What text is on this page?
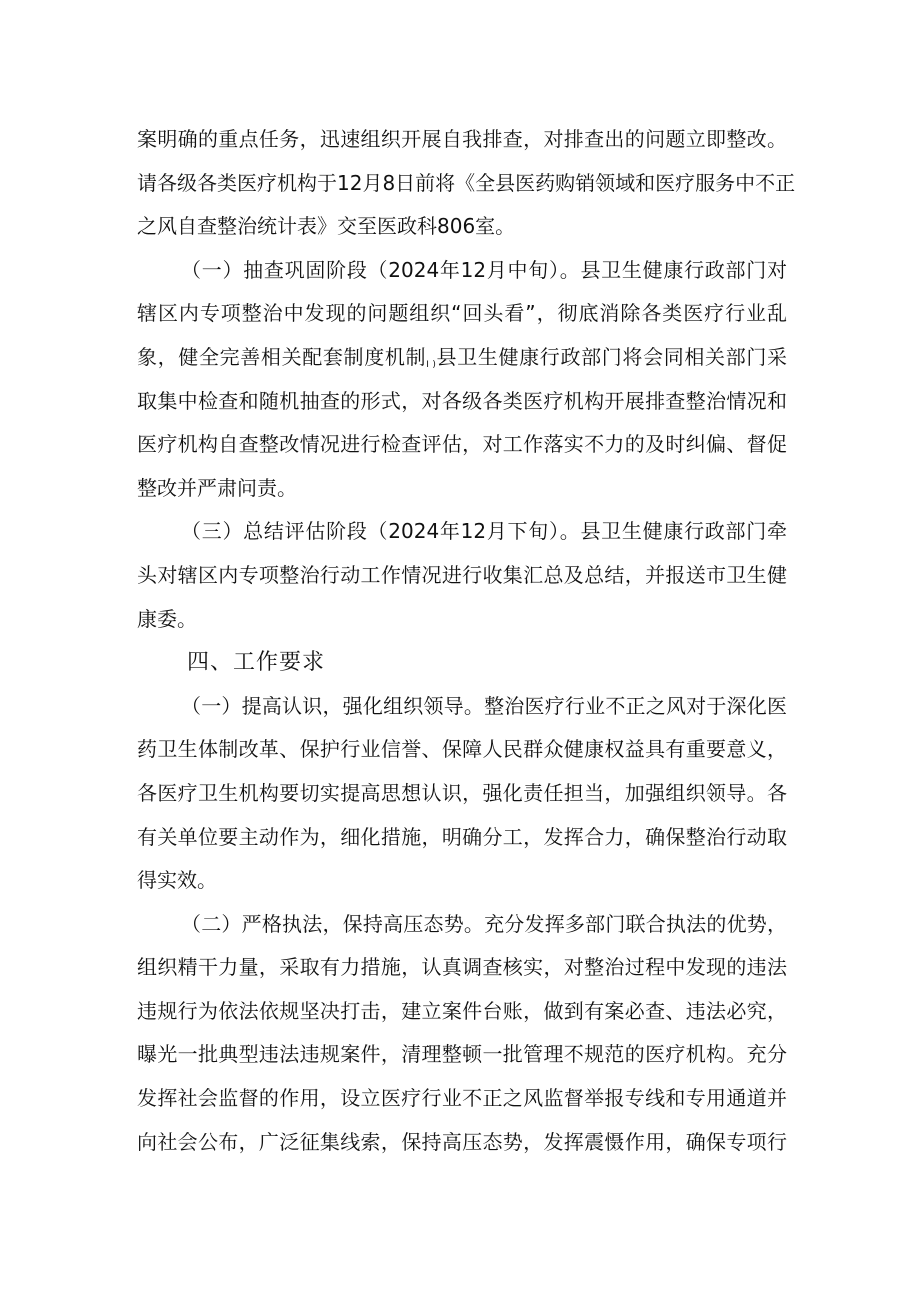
案明确的重点任务，迅速组织开展自我排查，对排查出的问题立即整改。
请各级各类医疗机构于12月8日前将《全县医药购销领域和医疗服务中不正
之风自查整治统计表》交至医政科806室。
（一）抽查巩固阶段（2024年12月中旬）。县卫生健康行政部门对
辖区内专项整治中发现的问题组织“回头看”，彻底消除各类医疗行业乱
象，健全完善相关配套制度机制$_{I )}$县卫生健康行政部门将会同相关部门采
取集中检查和随机抽查的形式，对各级各类医疗机构开展排查整治情况和
医疗机构自查整改情况进行检查评估，对工作落实不力的及时纠偏、督促
整改并严肃问责。
（三）总结评估阶段（2024年12月下旬）。县卫生健康行政部门牵
头对辖区内专项整治行动工作情况进行收集汇总及总结，并报送市卫生健
康委。
四、工作要求
（一）提高认识，强化组织领导。整治医疗行业不正之风对于深化医
药卫生体制改革、保护行业信誉、保障人民群众健康权益具有重要意义，
各医疗卫生机构要切实提高思想认识，强化责任担当，加强组织领导。各
有关单位要主动作为，细化措施，明确分工，发挥合力，确保整治行动取
得实效。
（二）严格执法，保持高压态势。充分发挥多部门联合执法的优势，
组织精干力量，采取有力措施，认真调查核实，对整治过程中发现的违法
违规行为依法依规坚决打击，建立案件台账，做到有案必查、违法必究，
曝光一批典型违法违规案件，清理整顿一批管理不规范的医疗机构。充分
发挥社会监督的作用，设立医疗行业不正之风监督举报专线和专用通道并
向社会公布，广泛征集线索，保持高压态势，发挥震慑作用，确保专项行
